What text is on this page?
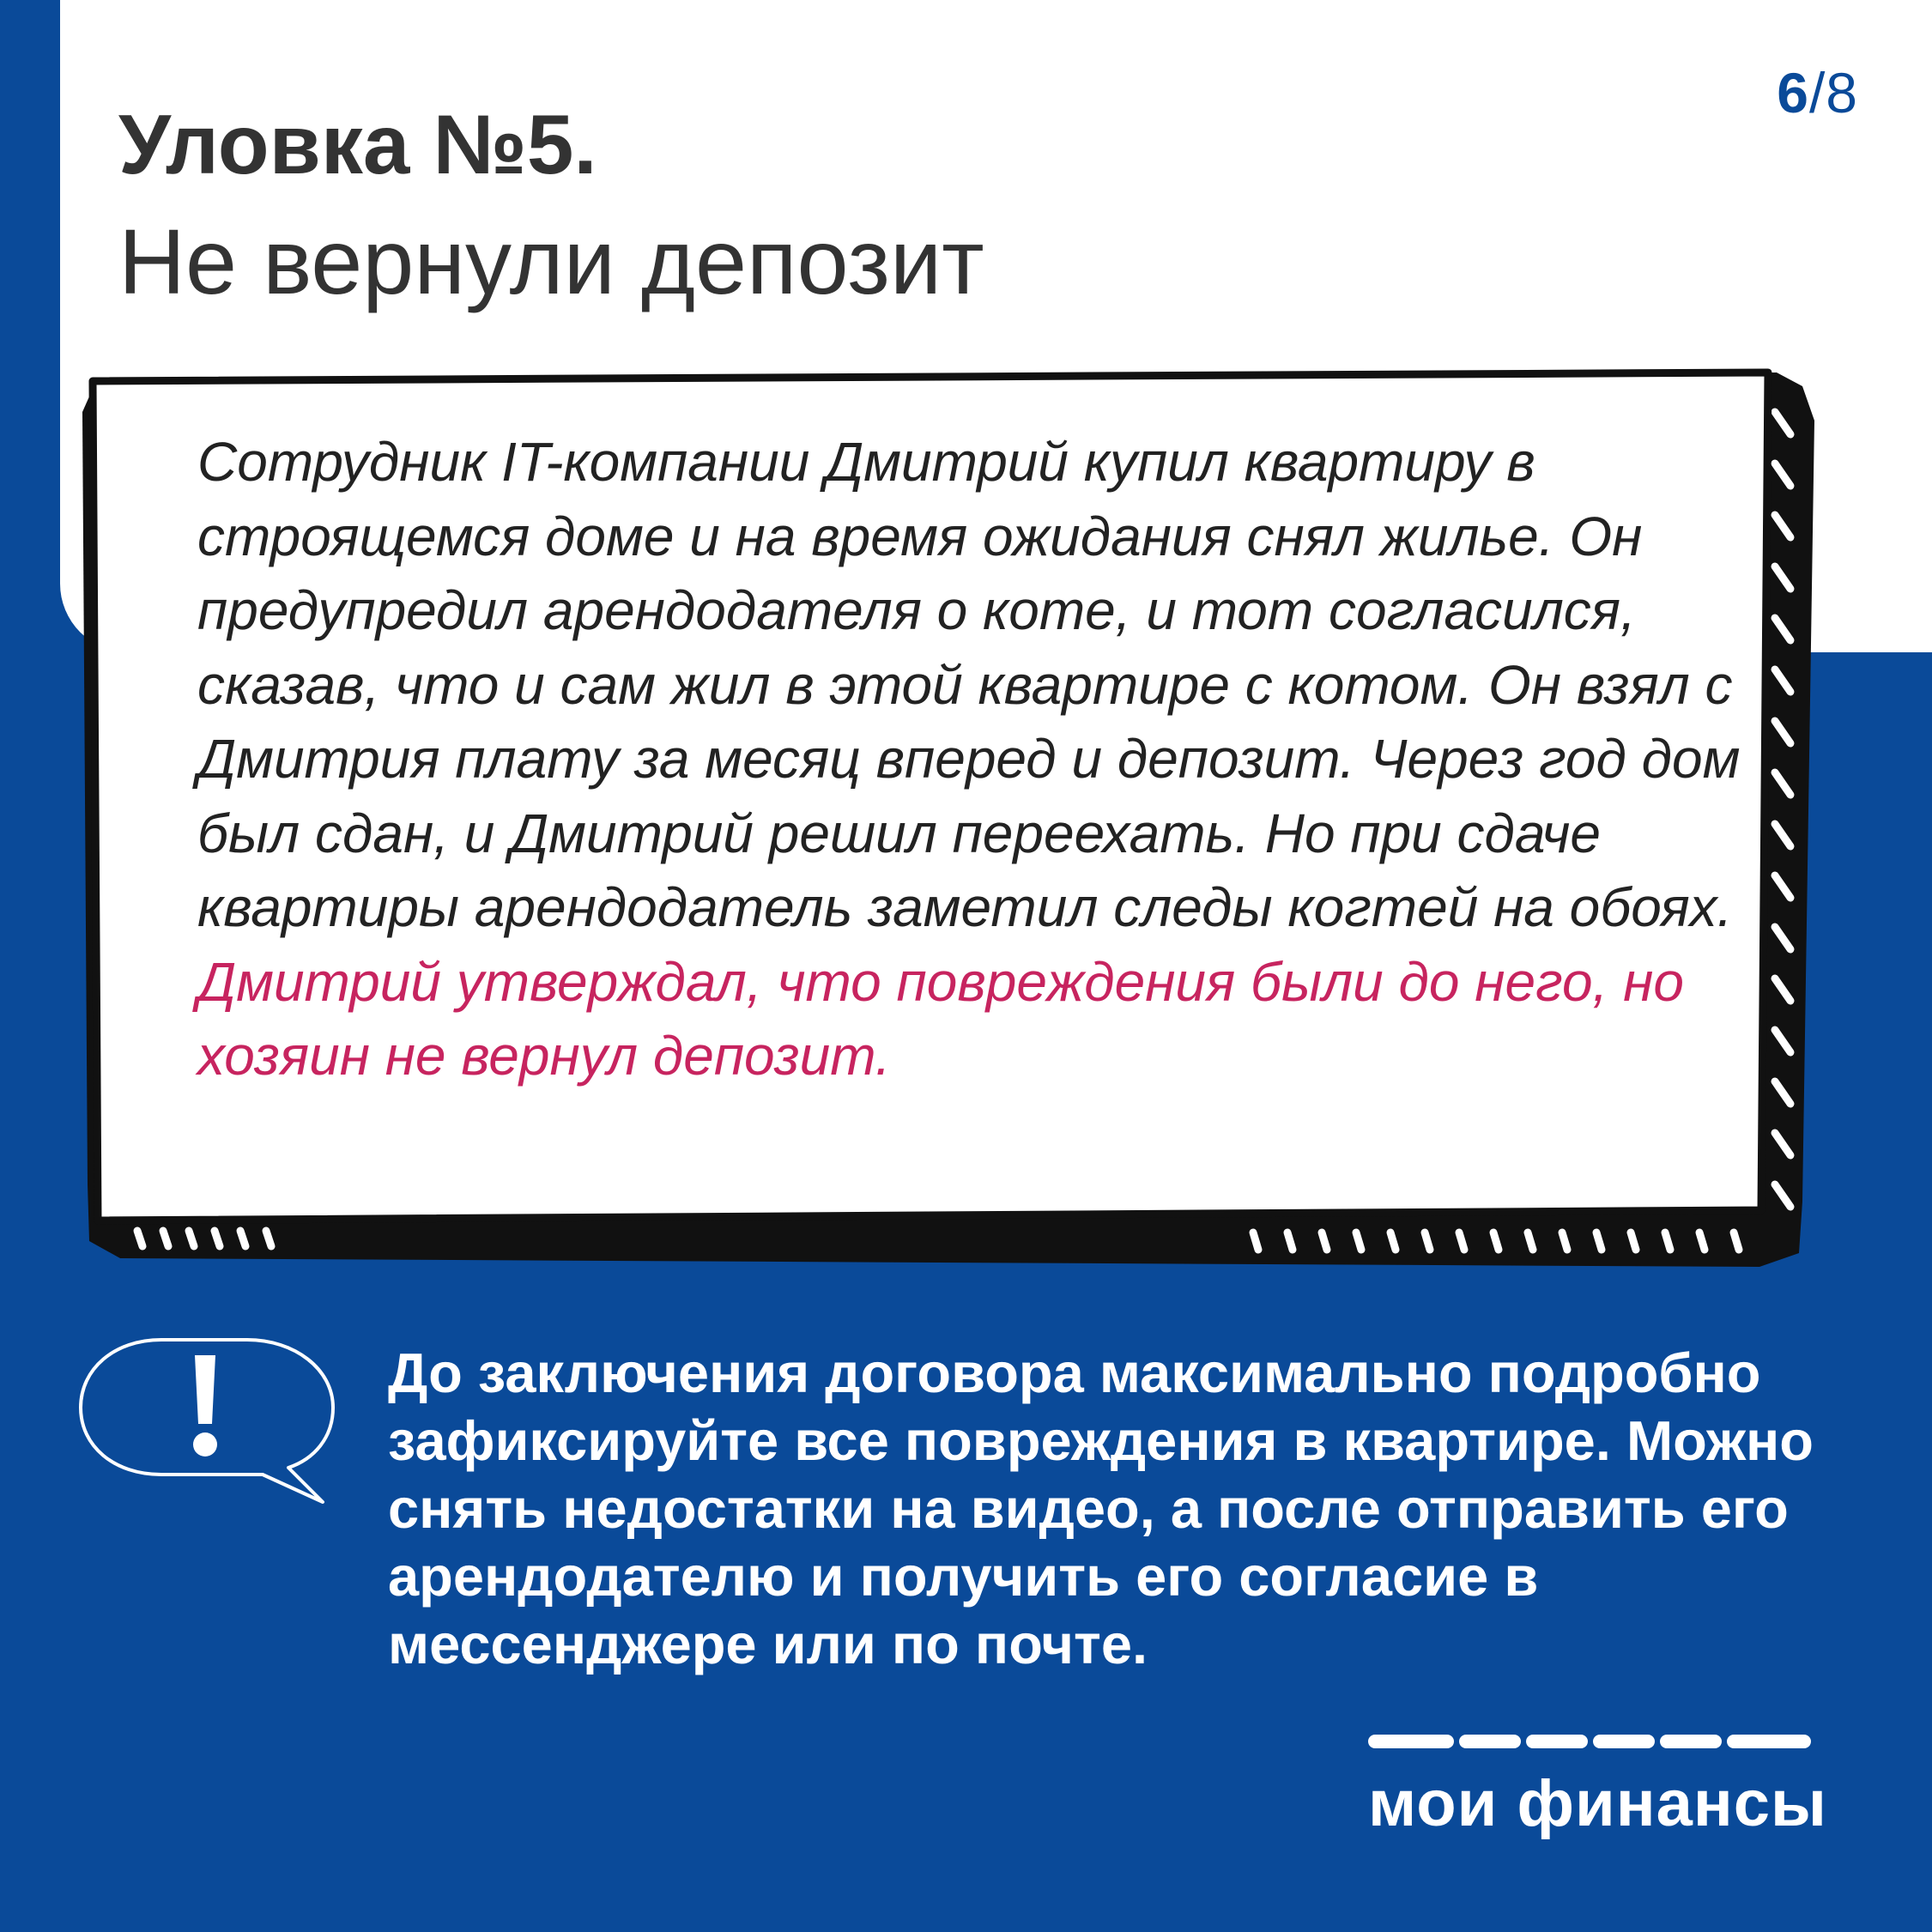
6/8
Уловка №5.
Не вернули депозит

Сотрудник IT-компании Дмитрий купил квартиру в строящемся доме и на время ожидания снял жилье. Он предупредил арендодателя о коте, и тот согласился, сказав, что и сам жил в этой квартире с котом. Он взял с Дмитрия плату за месяц вперед и депозит. Через год дом был сдан, и Дмитрий решил переехать. Но при сдаче квартиры арендодатель заметил следы когтей на обоях. Дмитрий утверждал, что повреждения были до него, но хозяин не вернул депозит.

До заключения договора максимально подробно зафиксируйте все повреждения в квартире. Можно снять недостатки на видео, а после отправить его арендодателю и получить его согласие в мессенджере или по почте.

мои финансы
